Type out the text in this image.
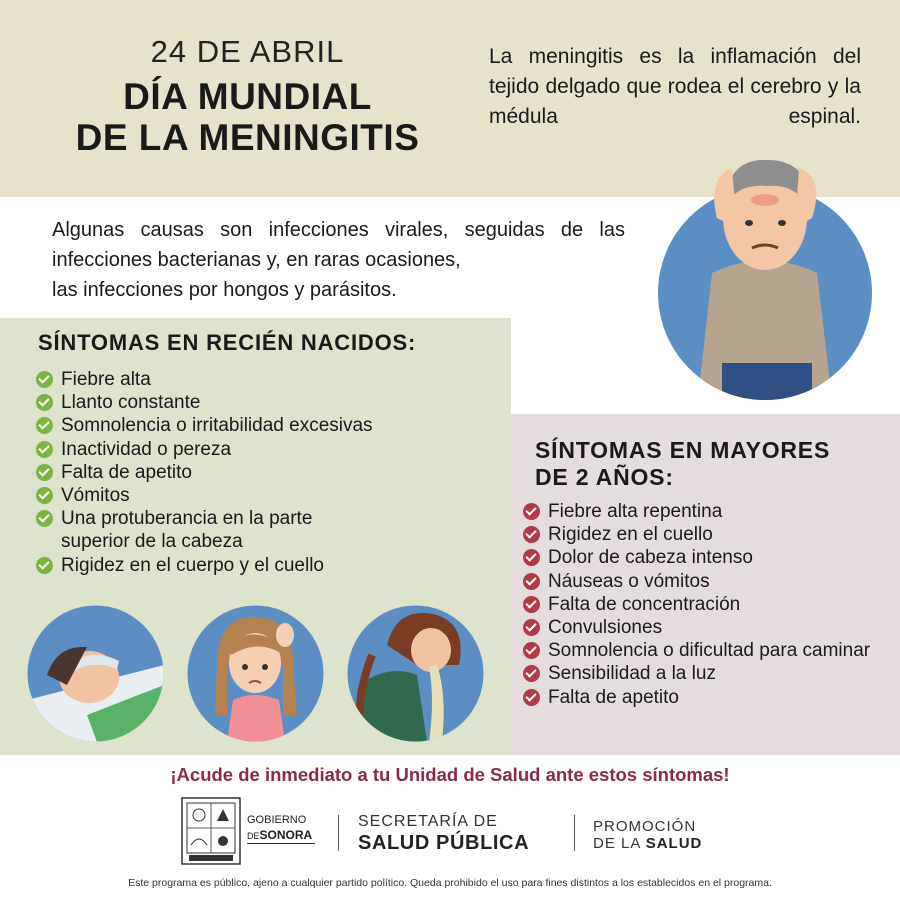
24 DE ABRIL
DÍA MUNDIAL
DE LA MENINGITIS
La meningitis es la inflamación del tejido delgado que rodea el cerebro y la médula espinal.
Algunas causas son infecciones virales, seguidas de las infecciones bacterianas y, en raras ocasiones,
las infecciones por hongos y parásitos.
SÍNTOMAS EN RECIÉN NACIDOS:
Fiebre alta
Llanto constante
Somnolencia o irritabilidad excesivas
Inactividad o pereza
Falta de apetito
Vómitos
Una protuberancia en la parte superior de la cabeza
Rigidez en el cuerpo y el cuello
SÍNTOMAS EN MAYORES
DE 2 AÑOS:
Fiebre alta repentina
Rigidez en el cuello
Dolor de cabeza intenso
Náuseas o vómitos
Falta de concentración
Convulsiones
Somnolencia o dificultad para caminar
Sensibilidad a la luz
Falta de apetito
¡Acude de inmediato a tu Unidad de Salud ante estos síntomas!
GOBIERNO
DESONORA
SECRETARÍA DE
SALUD PÚBLICA
PROMOCIÓN
DE LA SALUD
Este programa es público, ajeno a cualquier partido político. Queda prohibido el uso para fines distintos a los establecidos en el programa.
